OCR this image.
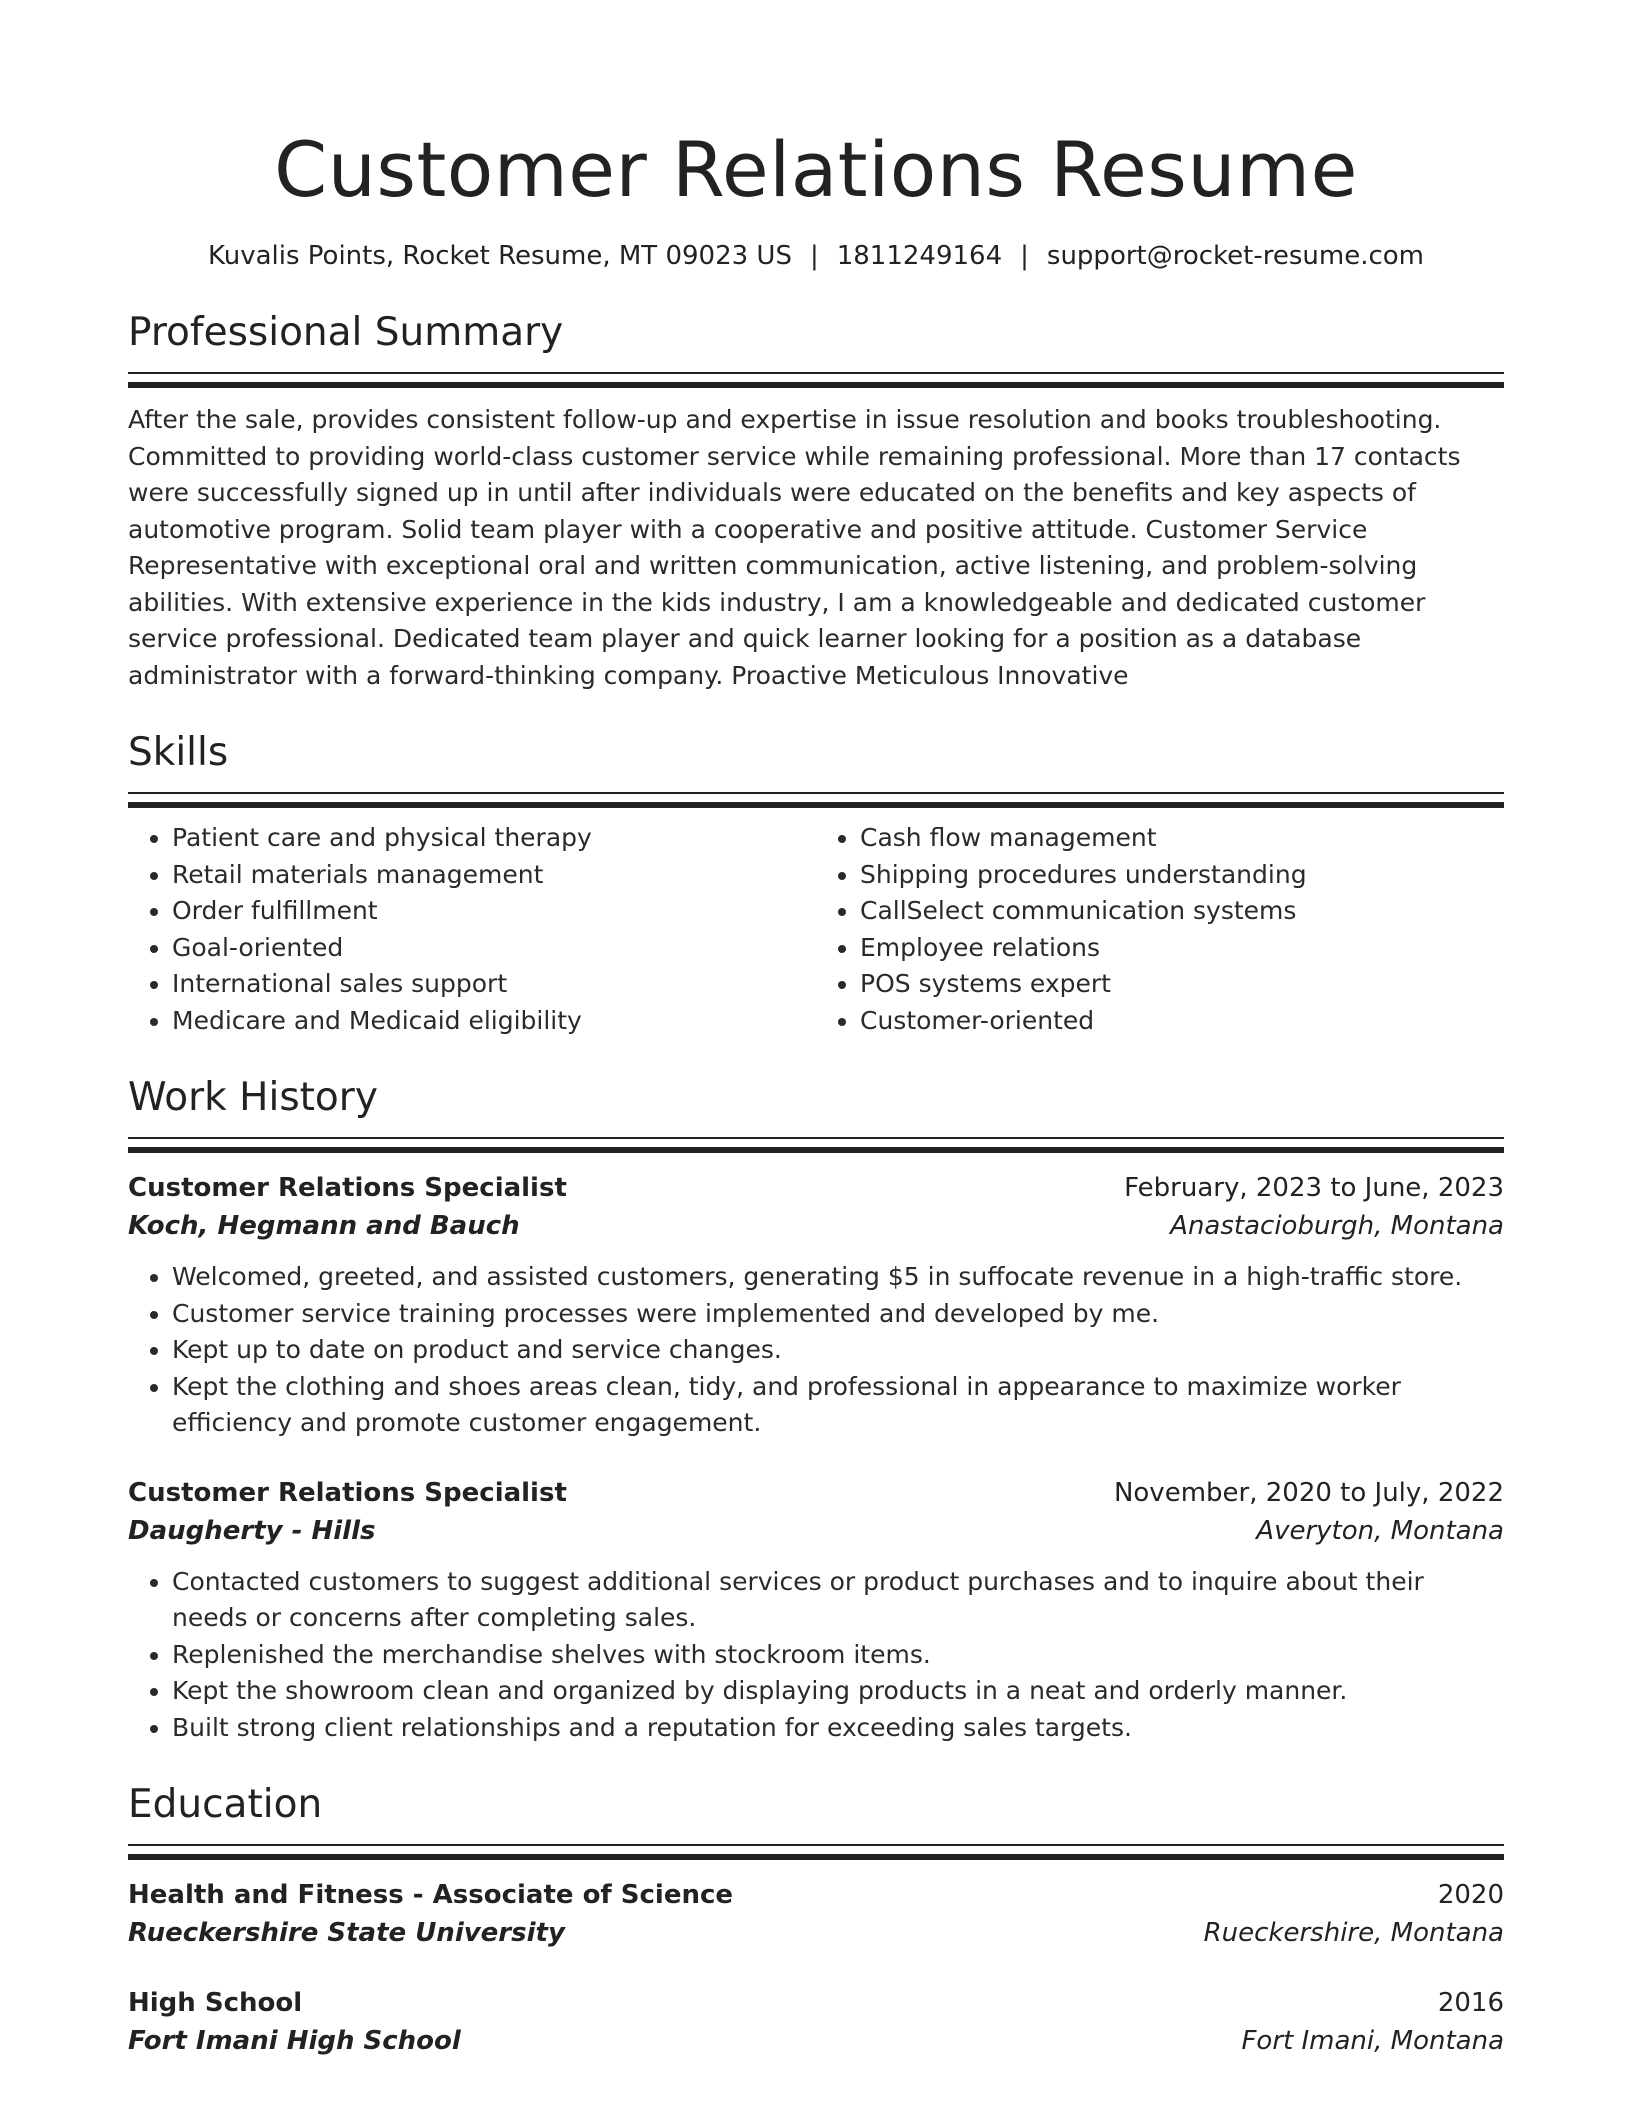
Customer Relations Resume
Kuvalis Points, Rocket Resume, MT 09023 US | 1811249164 | support@rocket-resume.com
Professional Summary

After the sale, provides consistent follow-up and expertise in issue resolution and books troubleshooting. Committed to providing world-class customer service while remaining professional. More than 17 contacts were successfully signed up in until after individuals were educated on the benefits and key aspects of automotive program. Solid team player with a cooperative and positive attitude. Customer Service Representative with exceptional oral and written communication, active listening, and problem-solving abilities. With extensive experience in the kids industry, I am a knowledgeable and dedicated customer service professional. Dedicated team player and quick learner looking for a position as a database administrator with a forward-thinking company. Proactive Meticulous Innovative

Skills
• Patient care and physical therapy
• Retail materials management
• Order fulfillment
• Goal-oriented
• International sales support
• Medicare and Medicaid eligibility
• Cash flow management
• Shipping procedures understanding
• CallSelect communication systems
• Employee relations
• POS systems expert
• Customer-oriented
Work History
Customer Relations Specialist	February, 2023 to June, 2023
Koch, Hegmann and Bauch	Anastacioburgh, Montana
• Welcomed, greeted, and assisted customers, generating $5 in suffocate revenue in a high-traffic store.
• Customer service training processes were implemented and developed by me.
• Kept up to date on product and service changes.
• Kept the clothing and shoes areas clean, tidy, and professional in appearance to maximize worker efficiency and promote customer engagement.
Customer Relations Specialist	November, 2020 to July, 2022
Daugherty - Hills	Averyton, Montana
• Contacted customers to suggest additional services or product purchases and to inquire about their needs or concerns after completing sales.
• Replenished the merchandise shelves with stockroom items.
• Kept the showroom clean and organized by displaying products in a neat and orderly manner.
• Built strong client relationships and a reputation for exceeding sales targets.
Education
Health and Fitness - Associate of Science	2020
Rueckershire State University	Rueckershire, Montana
High School	2016
Fort Imani High School	Fort Imani, Montana
